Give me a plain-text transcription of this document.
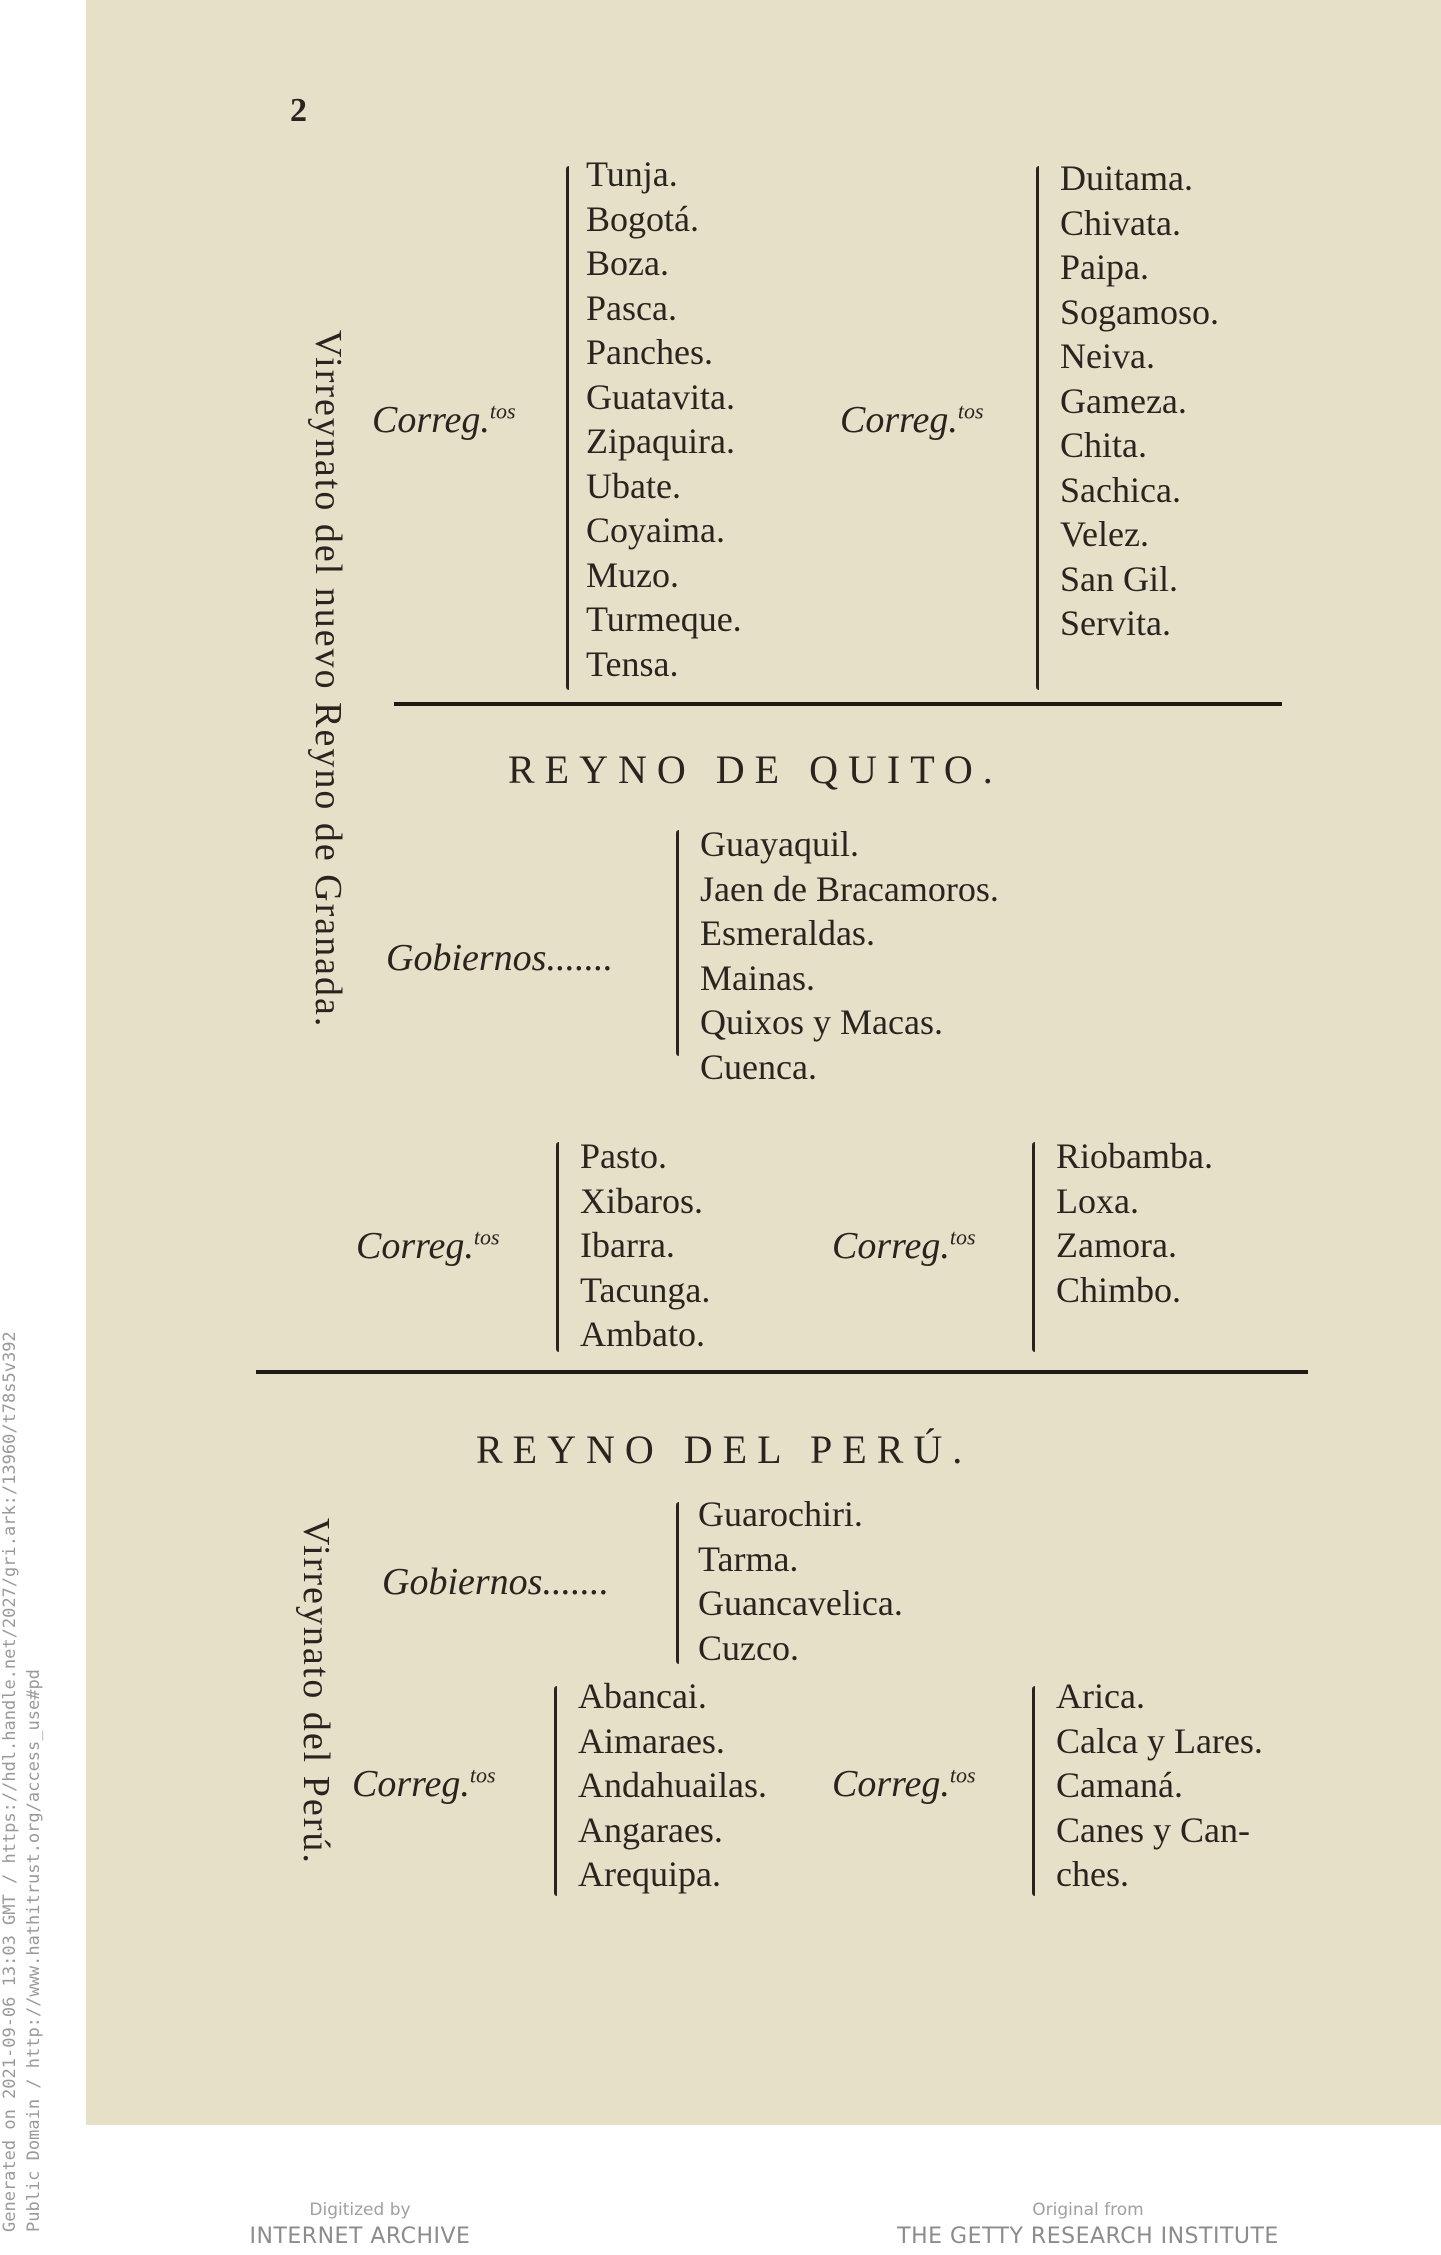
Generated on 2021-09-06 13:03 GMT / https://hdl.handle.net/2027/gri.ark:/13960/t78s5v392 Public Domain / http://www.hathitrust.org/access_use#pd
2
Virreynato del nuevo Reyno de Granada.
Virreynato del Perú.
Correg.$^{tos}$
Tunja.
Bogotá.
Boza.
Pasca.
Panches.
Guatavita.
Zipaquira.
Ubate.
Coyaima.
Muzo.
Turmeque.
Tensa.
Correg.$^{tos}$
Duitama.
Chivata.
Paipa.
Sogamoso.
Neiva.
Gameza.
Chita.
Sachica.
Velez.
San Gil.
Servita.
REYNO DE QUITO.
Gobiernos.......
Guayaquil.
Jaen de Bracamoros.
Esmeraldas.
Mainas.
Quixos y Macas.
Cuenca.
Correg.$^{tos}$
Pasto.
Xibaros.
Ibarra.
Tacunga.
Ambato.
Correg.$^{tos}$
Riobamba.
Loxa.
Zamora.
Chimbo.
REYNO DEL PERÚ.
Gobiernos.......
Guarochiri.
Tarma.
Guancavelica.
Cuzco.
Correg.$^{tos}$
Abancai.
Aimaraes.
Andahuailas.
Angaraes.
Arequipa.
Correg.$^{tos}$
Arica.
Calca y Lares.
Camaná.
Canes y Can-
ches.
Digitized by
INTERNET ARCHIVE
Original from
THE GETTY RESEARCH INSTITUTE
